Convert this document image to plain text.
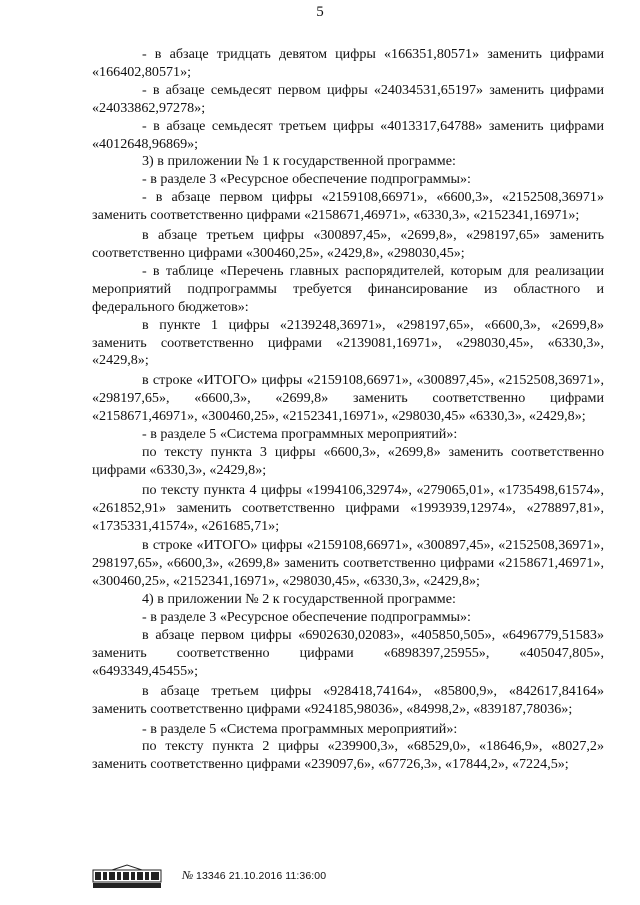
5

- в абзаце тридцать девятом цифры «166351,80571» заменить цифрами «166402,80571»;

- в абзаце семьдесят первом цифры «24034531,65197» заменить цифрами «24033862,97278»;

- в абзаце семьдесят третьем цифры «4013317,64788» заменить цифрами «4012648,96869»;

3) в приложении № 1 к государственной программе:

- в разделе 3 «Ресурсное обеспечение подпрограммы»:

- в абзаце первом цифры «2159108,66971», «6600,3», «2152508,36971» заменить соответственно цифрами «2158671,46971», «6330,3», «2152341,16971»;

в абзаце третьем цифры «300897,45», «2699,8», «298197,65» заменить соответственно цифрами «300460,25», «2429,8», «298030,45»;

- в таблице «Перечень главных распорядителей, которым для реализации мероприятий подпрограммы требуется финансирование из областного и федерального бюджетов»:

в пункте 1 цифры «2139248,36971», «298197,65», «6600,3», «2699,8» заменить соответственно цифрами «2139081,16971», «298030,45», «6330,3», «2429,8»;

в строке «ИТОГО» цифры «2159108,66971», «300897,45», «2152508,36971», «298197,65», «6600,3», «2699,8» заменить соответственно цифрами «2158671,46971», «300460,25», «2152341,16971», «298030,45» «6330,3», «2429,8»;

- в разделе 5 «Система программных мероприятий»:

по тексту пункта 3 цифры «6600,3», «2699,8» заменить соответственно цифрами «6330,3», «2429,8»;

по тексту пункта 4 цифры «1994106,32974», «279065,01», «1735498,61574», «261852,91» заменить соответственно цифрами «1993939,12974», «278897,81», «1735331,41574», «261685,71»;

в строке «ИТОГО» цифры «2159108,66971», «300897,45», «2152508,36971», 298197,65», «6600,3», «2699,8» заменить соответственно цифрами «2158671,46971», «300460,25», «2152341,16971», «298030,45», «6330,3», «2429,8»;

4) в приложении № 2 к государственной программе:

- в разделе 3 «Ресурсное обеспечение подпрограммы»:

в абзаце первом цифры «6902630,02083», «405850,505», «6496779,51583» заменить соответственно цифрами «6898397,25955», «405047,805», «6493349,45455»;

в абзаце третьем цифры «928418,74164», «85800,9», «842617,84164» заменить соответственно цифрами «924185,98036», «84998,2», «839187,78036»;

- в разделе 5 «Система программных мероприятий»:

по тексту пункта 2 цифры «239900,3», «68529,0», «18646,9», «8027,2» заменить соответственно цифрами «239097,6», «67726,3», «17844,2», «7224,5»;

№ 13346 21.10.2016 11:36:00
